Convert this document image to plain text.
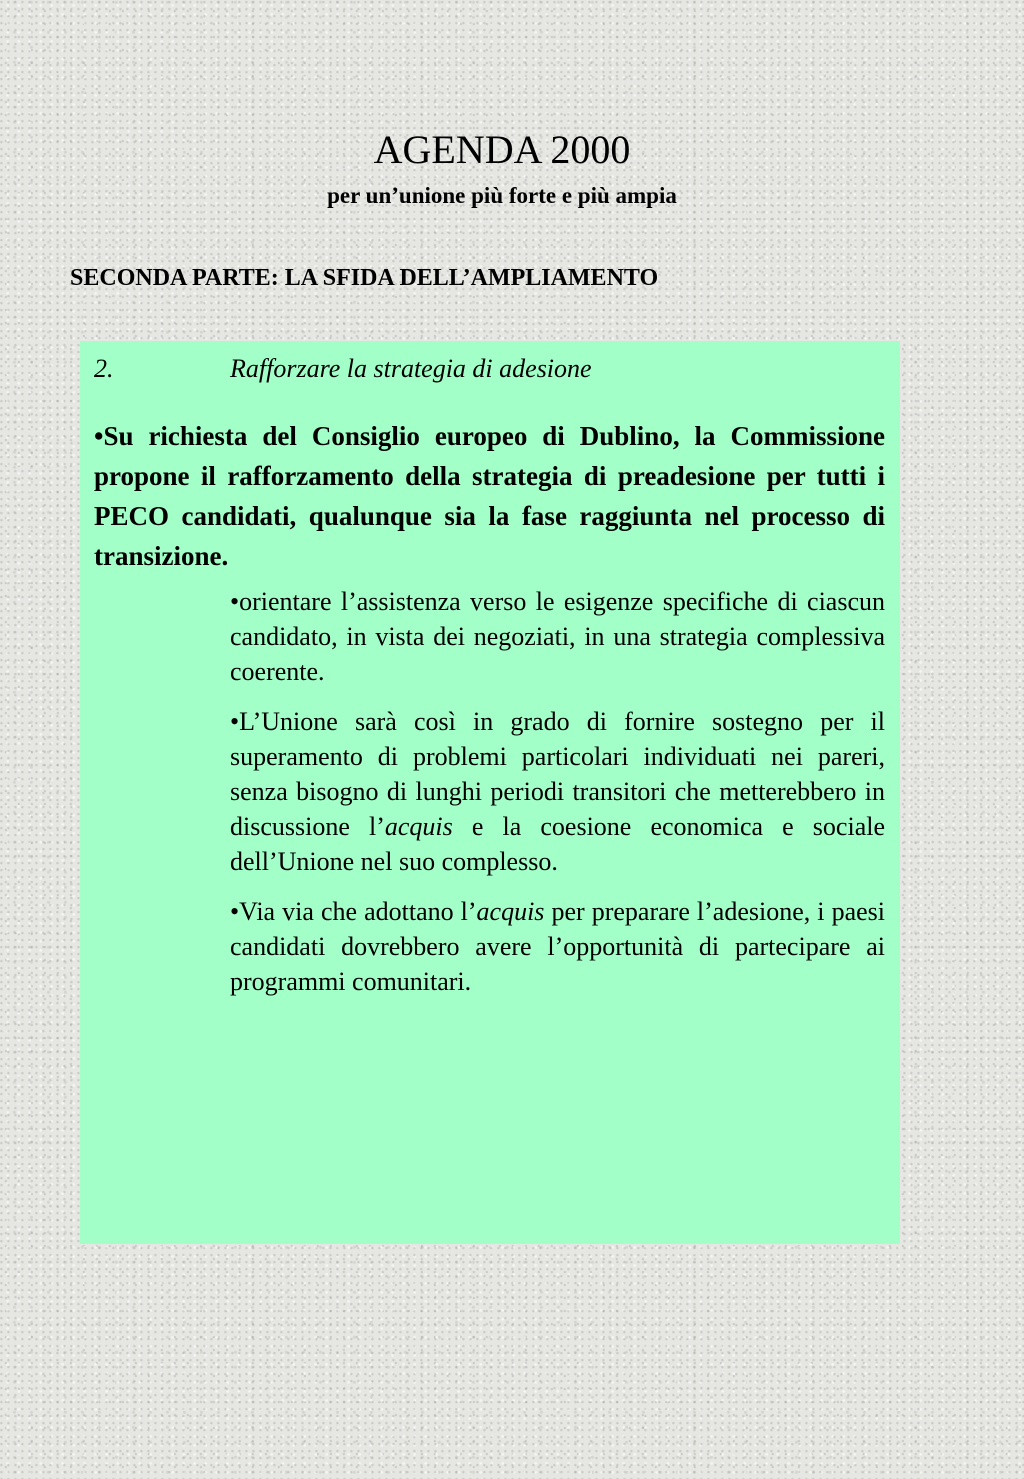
AGENDA 2000
per un’unione più forte e più ampia
SECONDA PARTE: LA SFIDA DELL’AMPLIAMENTO
2.	Rafforzare la strategia di adesione
•Su richiesta del Consiglio europeo di Dublino, la Commissione propone il rafforzamento della strategia di preadesione per tutti i PECO candidati, qualunque sia la fase raggiunta nel processo di transizione.
•orientare l’assistenza verso le esigenze specifiche di ciascun candidato, in vista dei negoziati, in una strategia complessiva coerente.
•L’Unione sarà così in grado di fornire sostegno per il superamento di problemi particolari individuati nei pareri, senza bisogno di lunghi periodi transitori che metterebbero in discussione l’acquis e la coesione economica e sociale dell’Unione nel suo complesso.
•Via via che adottano l’acquis per preparare l’adesione, i paesi candidati dovrebbero avere l’opportunità di partecipare ai programmi comunitari.
